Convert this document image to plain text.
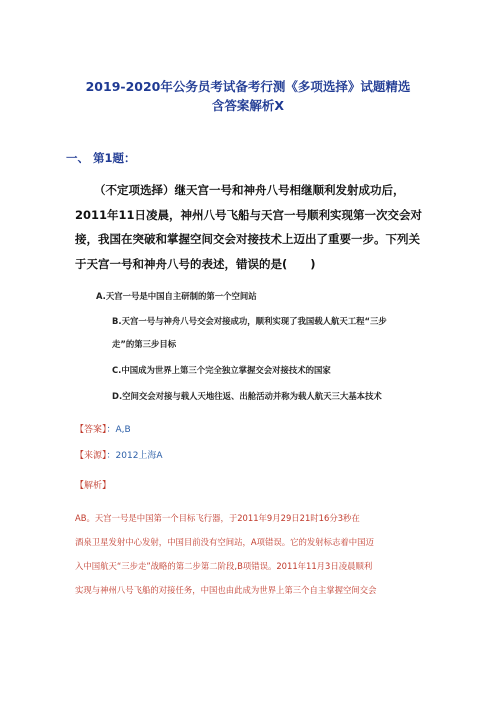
2019-2020年公务员考试备考行测《多项选择》试题精选
含答案解析Ⅹ
一、 第1题：
（不定项选择）继天宫一号和神舟八号相继顺利发射成功后，
2011年11日凌晨，神州八号飞船与天宫一号顺利实现第一次交会对
接，我国在突破和掌握空间交会对接技术上迈出了重要一步。下列关
于天宫一号和神舟八号的表述，错误的是(　　)
A.天宫一号是中国自主研制的第一个空间站
B.天宫一号与神舟八号交会对接成功，顺利实现了我国载人航天工程“三步
走”的第三步目标
C.中国成为世界上第三个完全独立掌握交会对接技术的国家
D.空间交会对接与载人天地往返、出舱活动并称为载人航天三大基本技术
【答案】：A,B
【来源】：2012上海A
【解析】
AB。天宫一号是中国第一个目标飞行器，于2011年9月29日21时16分3秒在
酒泉卫星发射中心发射，中国目前没有空间站，A项错误。它的发射标志着中国迈
入中国航天“三步走”战略的第二步第二阶段,B项错误。2011年11月3日凌晨顺利
实现与神州八号飞船的对接任务，中国也由此成为世界上第三个自主掌握空间交会
